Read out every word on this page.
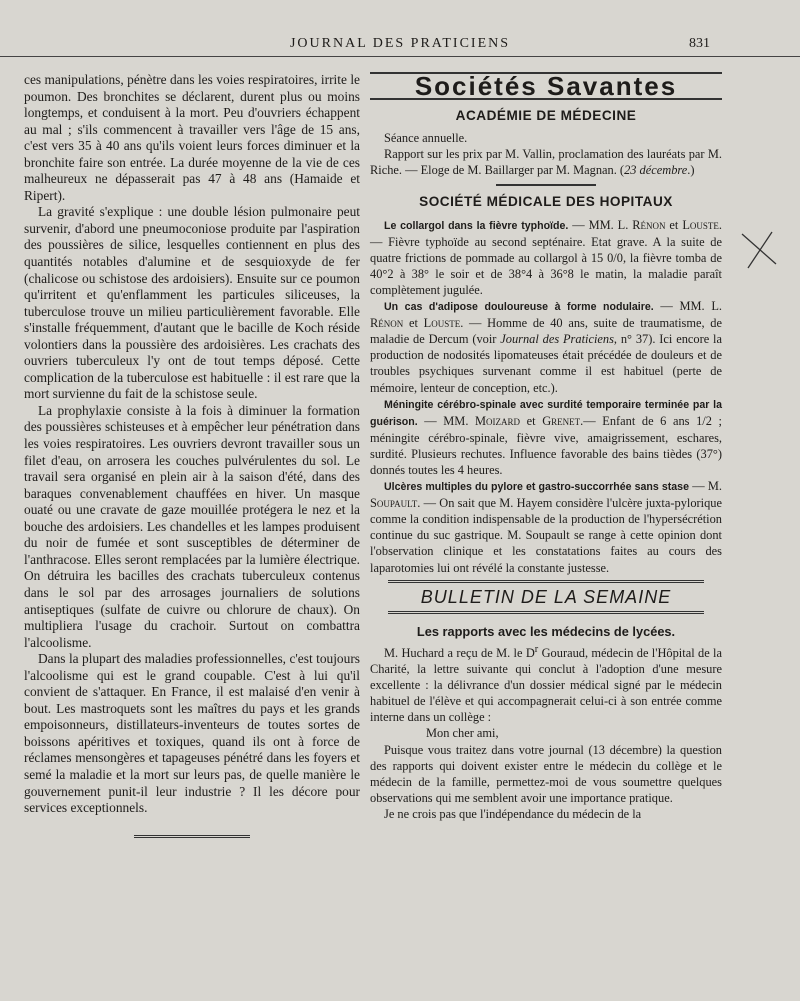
JOURNAL DES PRATICIENS	831

ces manipulations, pénètre dans les voies respiratoires, irrite le poumon. Des bronchites se déclarent, durent plus ou moins longtemps, et conduisent à la mort. Peu d'ouvriers échappent au mal ; s'ils commencent à travailler vers l'âge de 15 ans, c'est vers 35 à 40 ans qu'ils voient leurs forces diminuer et la bronchite faire son entrée. La durée moyenne de la vie de ces malheureux ne dépasserait pas 47 à 48 ans (Hamaide et Ripert).

La gravité s'explique : une double lésion pulmonaire peut survenir, d'abord une pneumoconiose produite par l'aspiration des poussières de silice, lesquelles contiennent en plus des quantités notables d'alumine et de sesquioxyde de fer (chalicose ou schistose des ardoisiers). Ensuite sur ce poumon qu'irritent et qu'enflamment les particules siliceuses, la tuberculose trouve un milieu particulièrement favorable. Elle s'installe fréquemment, d'autant que le bacille de Koch réside volontiers dans la poussière des ardoisières. Les crachats des ouvriers tuberculeux l'y ont de tout temps déposé. Cette complication de la tuberculose est habituelle : il est rare que la mort survienne du fait de la schistose seule.

La prophylaxie consiste à la fois à diminuer la formation des poussières schisteuses et à empêcher leur pénétration dans les voies respiratoires. Les ouvriers devront travailler sous un filet d'eau, on arrosera les couches pulvérulentes du sol. Le travail sera organisé en plein air à la saison d'été, dans des baraques convenablement chauffées en hiver. Un masque ouaté ou une cravate de gaze mouillée protégera le nez et la bouche des ardoisiers. Les chandelles et les lampes produisent du noir de fumée et sont susceptibles de déterminer de l'anthracose. Elles seront remplacées par la lumière électrique. On détruira les bacilles des crachats tuberculeux contenus dans le sol par des arrosages journaliers de solutions antiseptiques (sulfate de cuivre ou chlorure de chaux). On multipliera l'usage du crachoir. Surtout on combattra l'alcoolisme.

Dans la plupart des maladies professionnelles, c'est toujours l'alcoolisme qui est le grand coupable. C'est à lui qu'il convient de s'attaquer. En France, il est malaisé d'en venir à bout. Les mastroquets sont les maîtres du pays et les grands empoisonneurs, distillateurs-inventeurs de toutes sortes de boissons apéritives et toxiques, quand ils ont à force de réclames mensongères et tapageuses pénétré dans les foyers et semé la maladie et la mort sur leurs pas, de quelle manière le gouvernement punit-il leur industrie ? Il les décore pour services exceptionnels.

Sociétés Savantes
ACADÉMIE DE MÉDECINE

Séance annuelle.

Rapport sur les prix par M. Vallin, proclamation des lauréats par M. Riche. — Eloge de M. Baillarger par M. Magnan. (23 décembre.)

SOCIÉTÉ MÉDICALE DES HOPITAUX

Le collargol dans la fièvre typhoïde. — MM. L. Rénon et Louste. — Fièvre typhoïde au second septénaire. Etat grave. A la suite de quatre frictions de pommade au collargol à 15 0/0, la fièvre tomba de 40°2 à 38° le soir et de 38°4 à 36°8 le matin, la maladie paraît complètement jugulée.

Un cas d'adipose douloureuse à forme nodulaire. — MM. L. Rénon et Louste. — Homme de 40 ans, suite de traumatisme, de maladie de Dercum (voir Journal des Praticiens, n° 37). Ici encore la production de nodosités lipomateuses était précédée de douleurs et de troubles psychiques survenant comme il est habituel (perte de mémoire, lenteur de conception, etc.).

Méningite cérébro-spinale avec surdité temporaire terminée par la guérison. — MM. Moizard et Grenet.— Enfant de 6 ans 1/2 ; méningite cérébro-spinale, fièvre vive, amaigrissement, eschares, surdité. Plusieurs rechutes. Influence favorable des bains tièdes (37°) donnés toutes les 4 heures.

Ulcères multiples du pylore et gastro-succorrhée sans stase — M. Soupault. — On sait que M. Hayem considère l'ulcère juxta-pylorique comme la condition indispensable de la production de l'hypersécrétion continue du suc gastrique. M. Soupault se range à cette opinion dont l'observation clinique et les constatations faites au cours des laparotomies lui ont révélé la constante justesse.

BULLETIN DE LA SEMAINE
Les rapports avec les médecins de lycées.

M. Huchard a reçu de M. le $D^r$ Gouraud, médecin de l'Hôpital de la Charité, la lettre suivante qui conclut à l'adoption d'une mesure excellente : la délivrance d'un dossier médical signé par le médecin habituel de l'élève et qui accompagnerait celui-ci à son entrée comme interne dans un collège :

Mon cher ami,

Puisque vous traitez dans votre journal (13 décembre) la question des rapports qui doivent exister entre le médecin du collège et le médecin de la famille, permettez-moi de vous soumettre quelques observations qui me semblent avoir une importance pratique.

Je ne crois pas que l'indépendance du médecin de la
